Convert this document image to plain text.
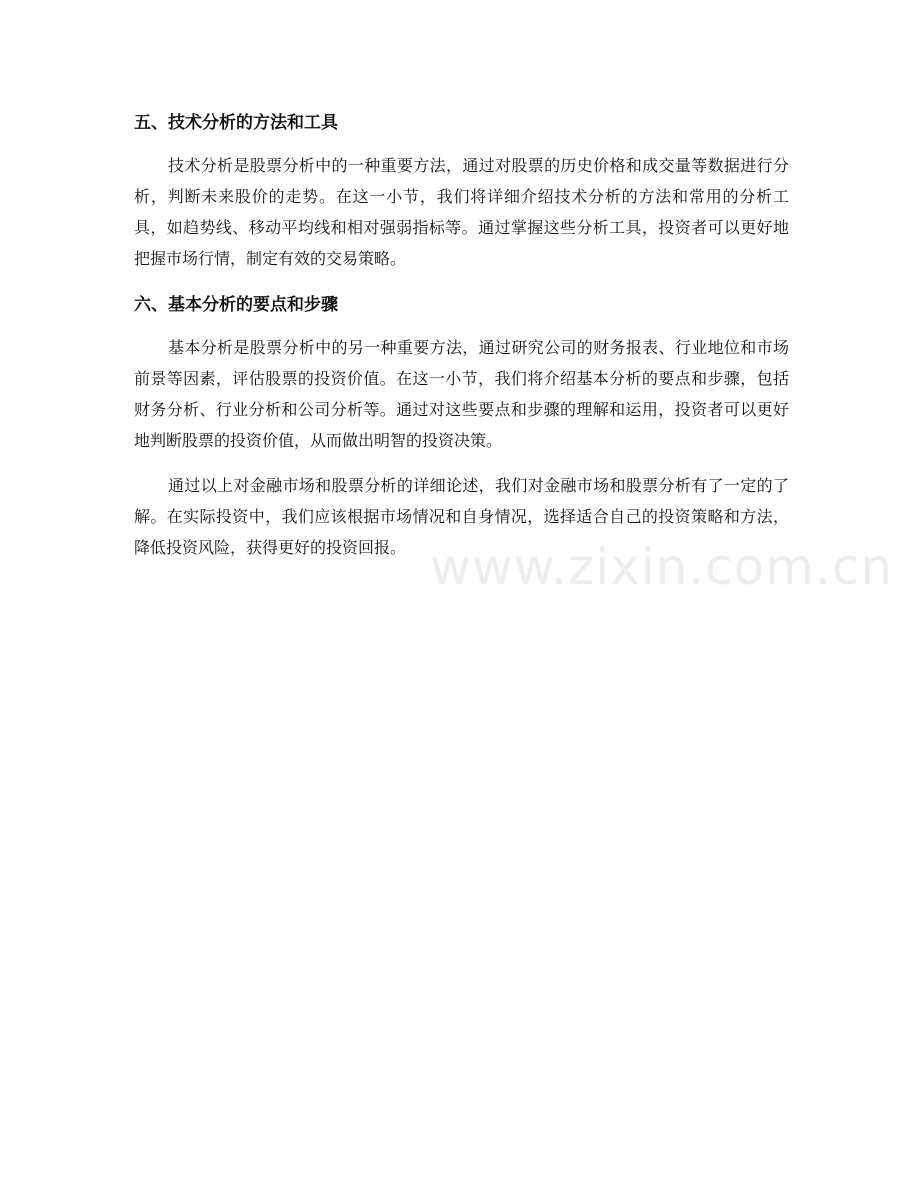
五、技术分析的方法和工具

技术分析是股票分析中的一种重要方法，通过对股票的历史价格和成交量等数据进行分析，判断未来股价的走势。在这一小节，我们将详细介绍技术分析的方法和常用的分析工具，如趋势线、移动平均线和相对强弱指标等。通过掌握这些分析工具，投资者可以更好地把握市场行情，制定有效的交易策略。

六、基本分析的要点和步骤

基本分析是股票分析中的另一种重要方法，通过研究公司的财务报表、行业地位和市场前景等因素，评估股票的投资价值。在这一小节，我们将介绍基本分析的要点和步骤，包括财务分析、行业分析和公司分析等。通过对这些要点和步骤的理解和运用，投资者可以更好地判断股票的投资价值，从而做出明智的投资决策。

通过以上对金融市场和股票分析的详细论述，我们对金融市场和股票分析有了一定的了解。在实际投资中，我们应该根据市场情况和自身情况，选择适合自己的投资策略和方法，降低投资风险，获得更好的投资回报。 www.zixin.com.cn
